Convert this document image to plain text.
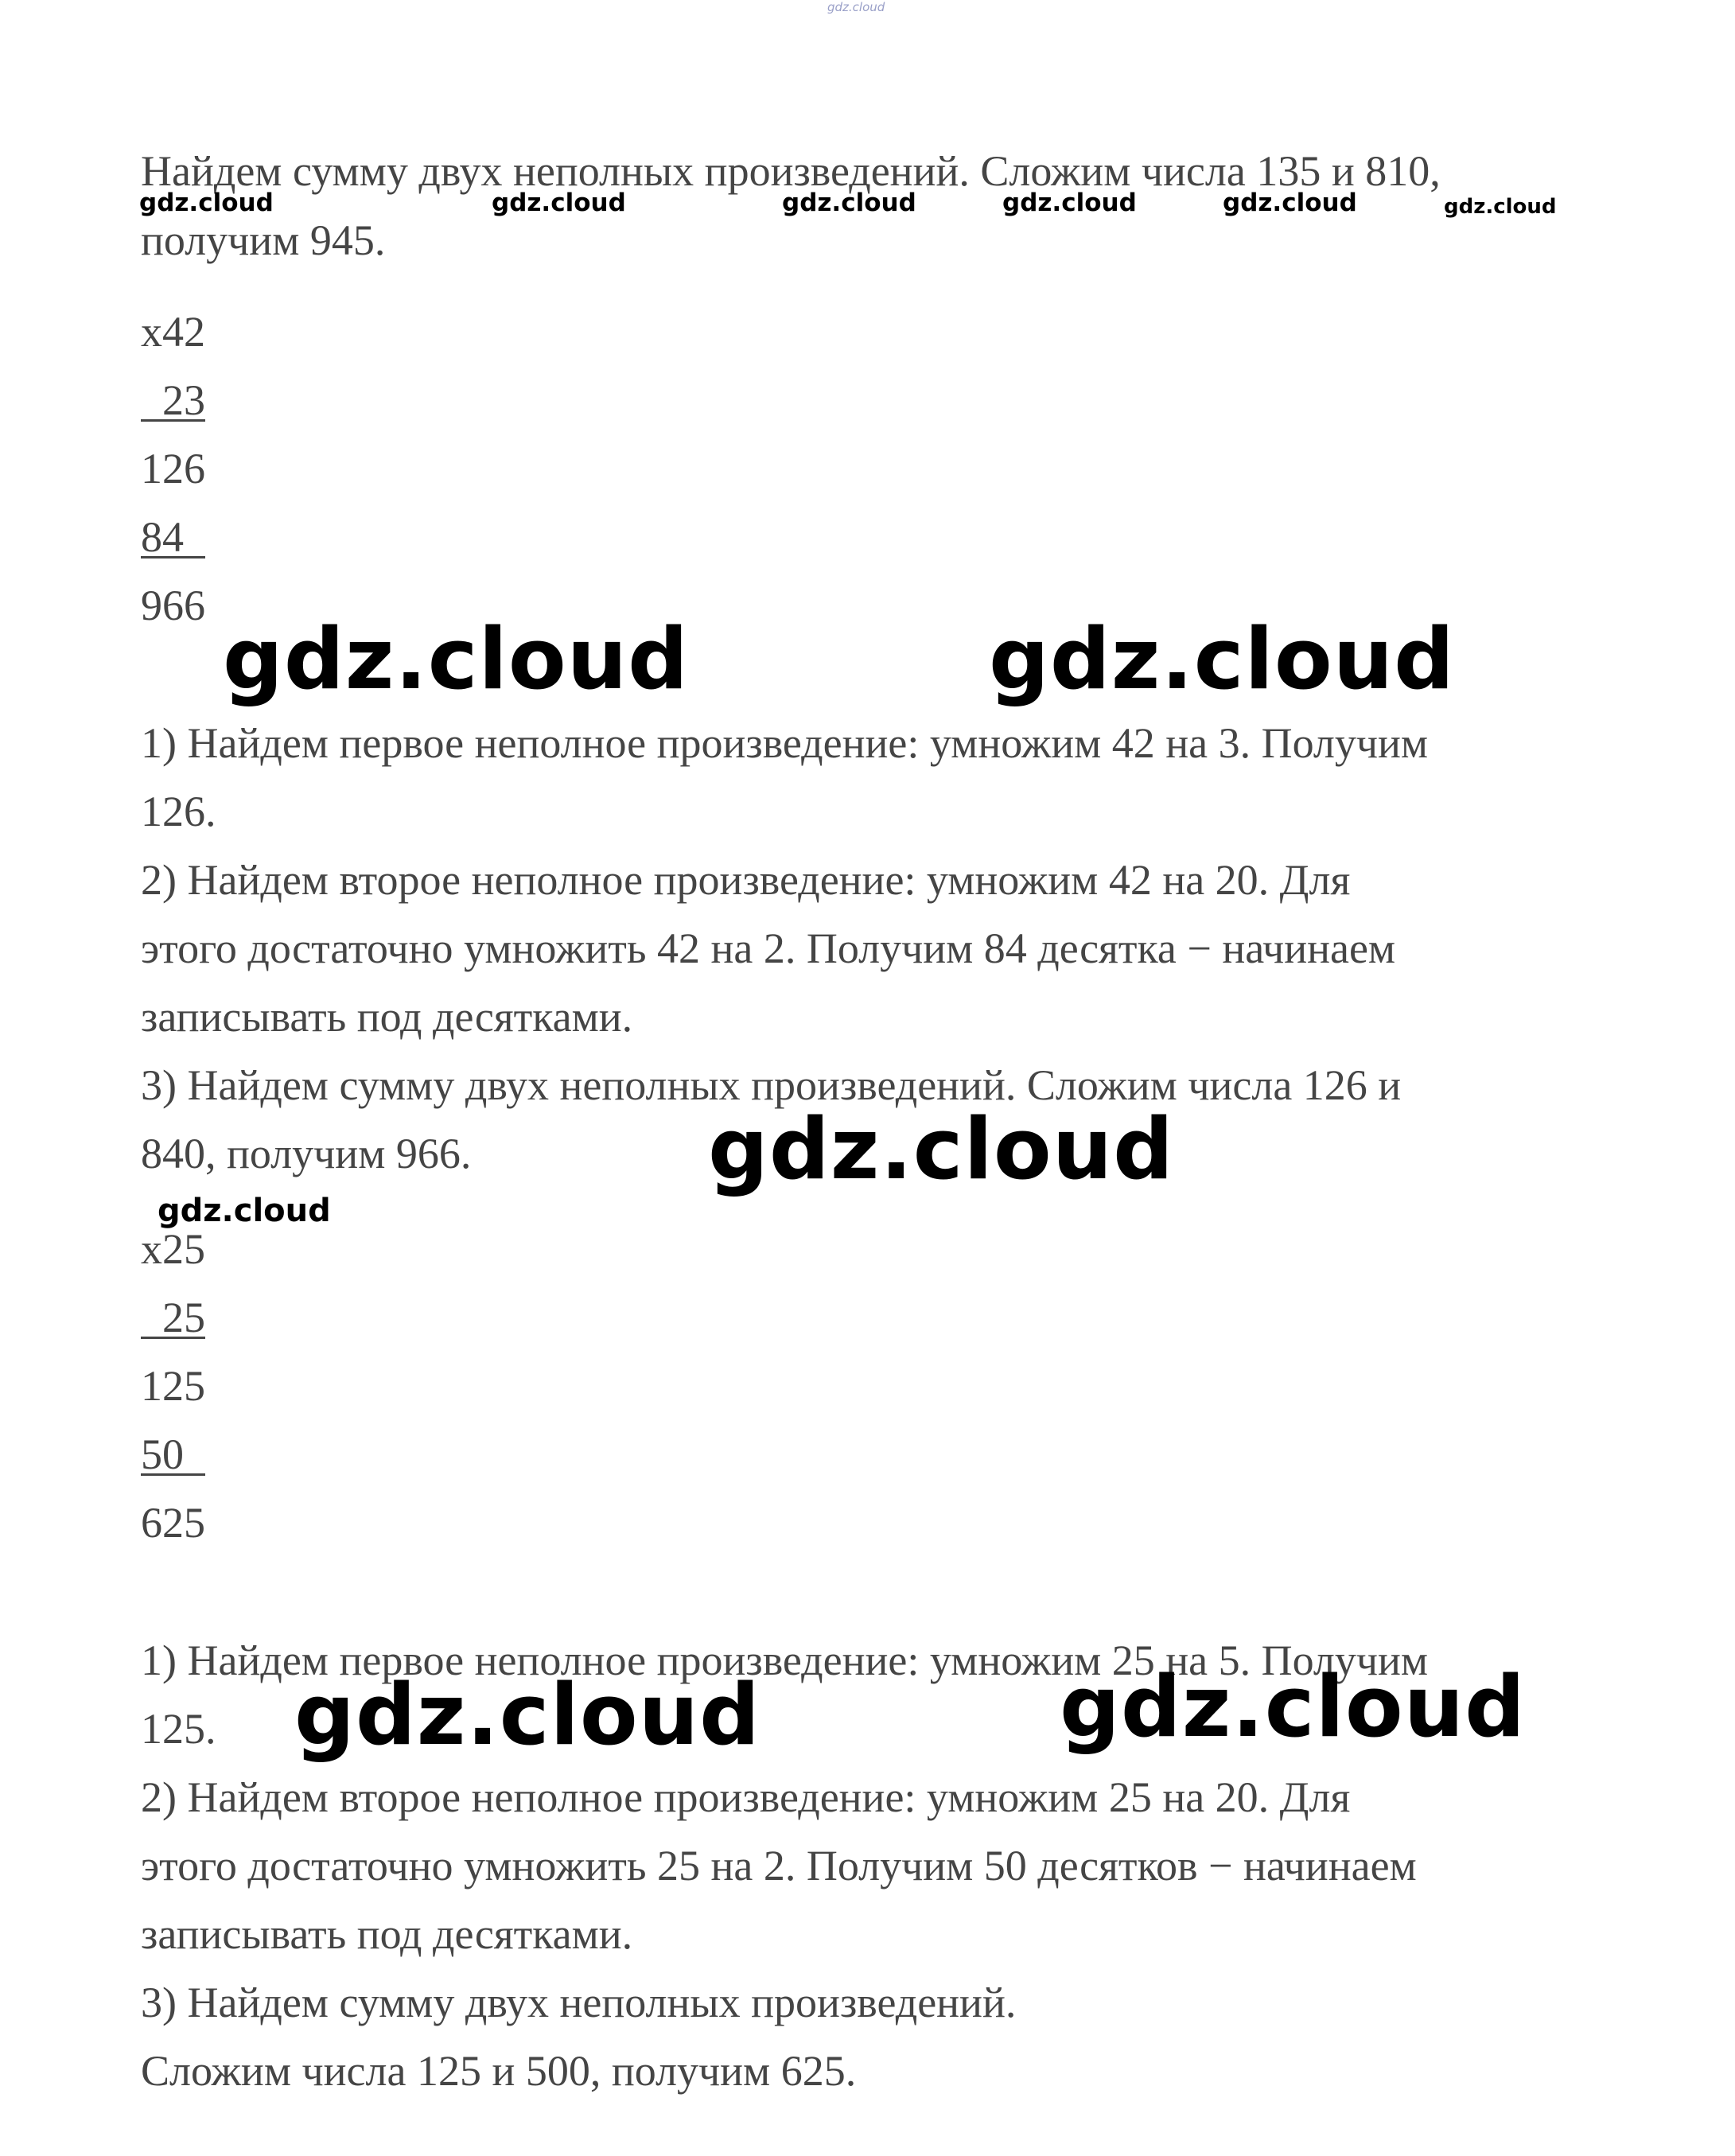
gdz.cloud
Найдем сумму двух неполных произведений. Сложим числа 135 и 810,
получим 945.
gdz.cloud	gdz.cloud	gdz.cloud	gdz.cloud	gdz.cloud	gdz.cloud
x42
23
126
84
966
gdz.cloud	gdz.cloud
1) Найдем первое неполное произведение: умножим 42 на 3. Получим
126.
2) Найдем второе неполное произведение: умножим 42 на 20. Для
этого достаточно умножить 42 на 2. Получим 84 десятка − начинаем
записывать под десятками.
3) Найдем сумму двух неполных произведений. Сложим числа 126 и
840, получим 966.	gdz.cloud
gdz.cloud
x25
25
125
50
625
1) Найдем первое неполное произведение: умножим 25 на 5. Получим
125. gdz.cloud	gdz.cloud
2) Найдем второе неполное произведение: умножим 25 на 20. Для
этого достаточно умножить 25 на 2. Получим 50 десятков − начинаем
записывать под десятками.
3) Найдем сумму двух неполных произведений.
Сложим числа 125 и 500, получим 625.
